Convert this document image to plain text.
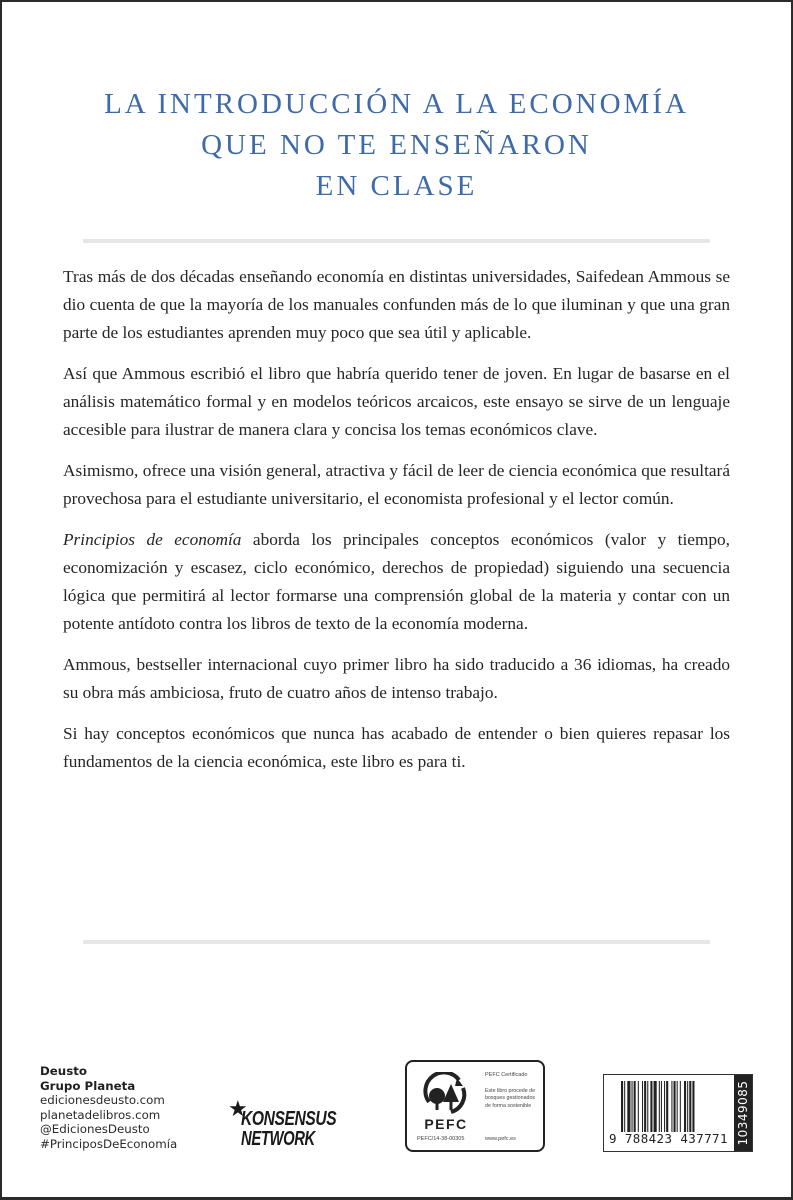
LA INTRODUCCIÓN A LA ECONOMÍA
QUE NO TE ENSEÑARON
EN CLASE

Tras más de dos décadas enseñando economía en distintas universidades, Saifedean Ammous se dio cuenta de que la mayoría de los manuales confunden más de lo que iluminan y que una gran parte de los estudiantes aprenden muy poco que sea útil y aplicable.

Así que Ammous escribió el libro que habría querido tener de joven. En lugar de basarse en el análisis matemático formal y en modelos teóricos arcaicos, este ensayo se sirve de un lenguaje accesible para ilustrar de manera clara y concisa los temas económicos clave.

Asimismo, ofrece una visión general, atractiva y fácil de leer de ciencia económica que resultará provechosa para el estudiante universitario, el economista profesional y el lector común.

Principios de economía aborda los principales conceptos económicos (valor y tiempo, economización y escasez, ciclo económico, derechos de propiedad) siguiendo una secuencia lógica que permitirá al lector formarse una comprensión global de la materia y contar con un potente antídoto contra los libros de texto de la economía moderna.

Ammous, bestseller internacional cuyo primer libro ha sido traducido a 36 idiomas, ha creado su obra más ambiciosa, fruto de cuatro años de intenso trabajo.

Si hay conceptos económicos que nunca has acabado de entender o bien quieres repasar los fundamentos de la ciencia económica, este libro es para ti.

Deusto
Grupo Planeta
edicionesdeusto.com
planetadelibros.com
@EdicionesDeusto
#PrinciposDeEconomía
★
KONSENSUS
NETWORK
PEFC
PEFC/14-38-00305
PEFC Certificado
Este libro procede de bosques gestionados de forma sostenible
www.pefc.es	9 788423 437771 10349085
